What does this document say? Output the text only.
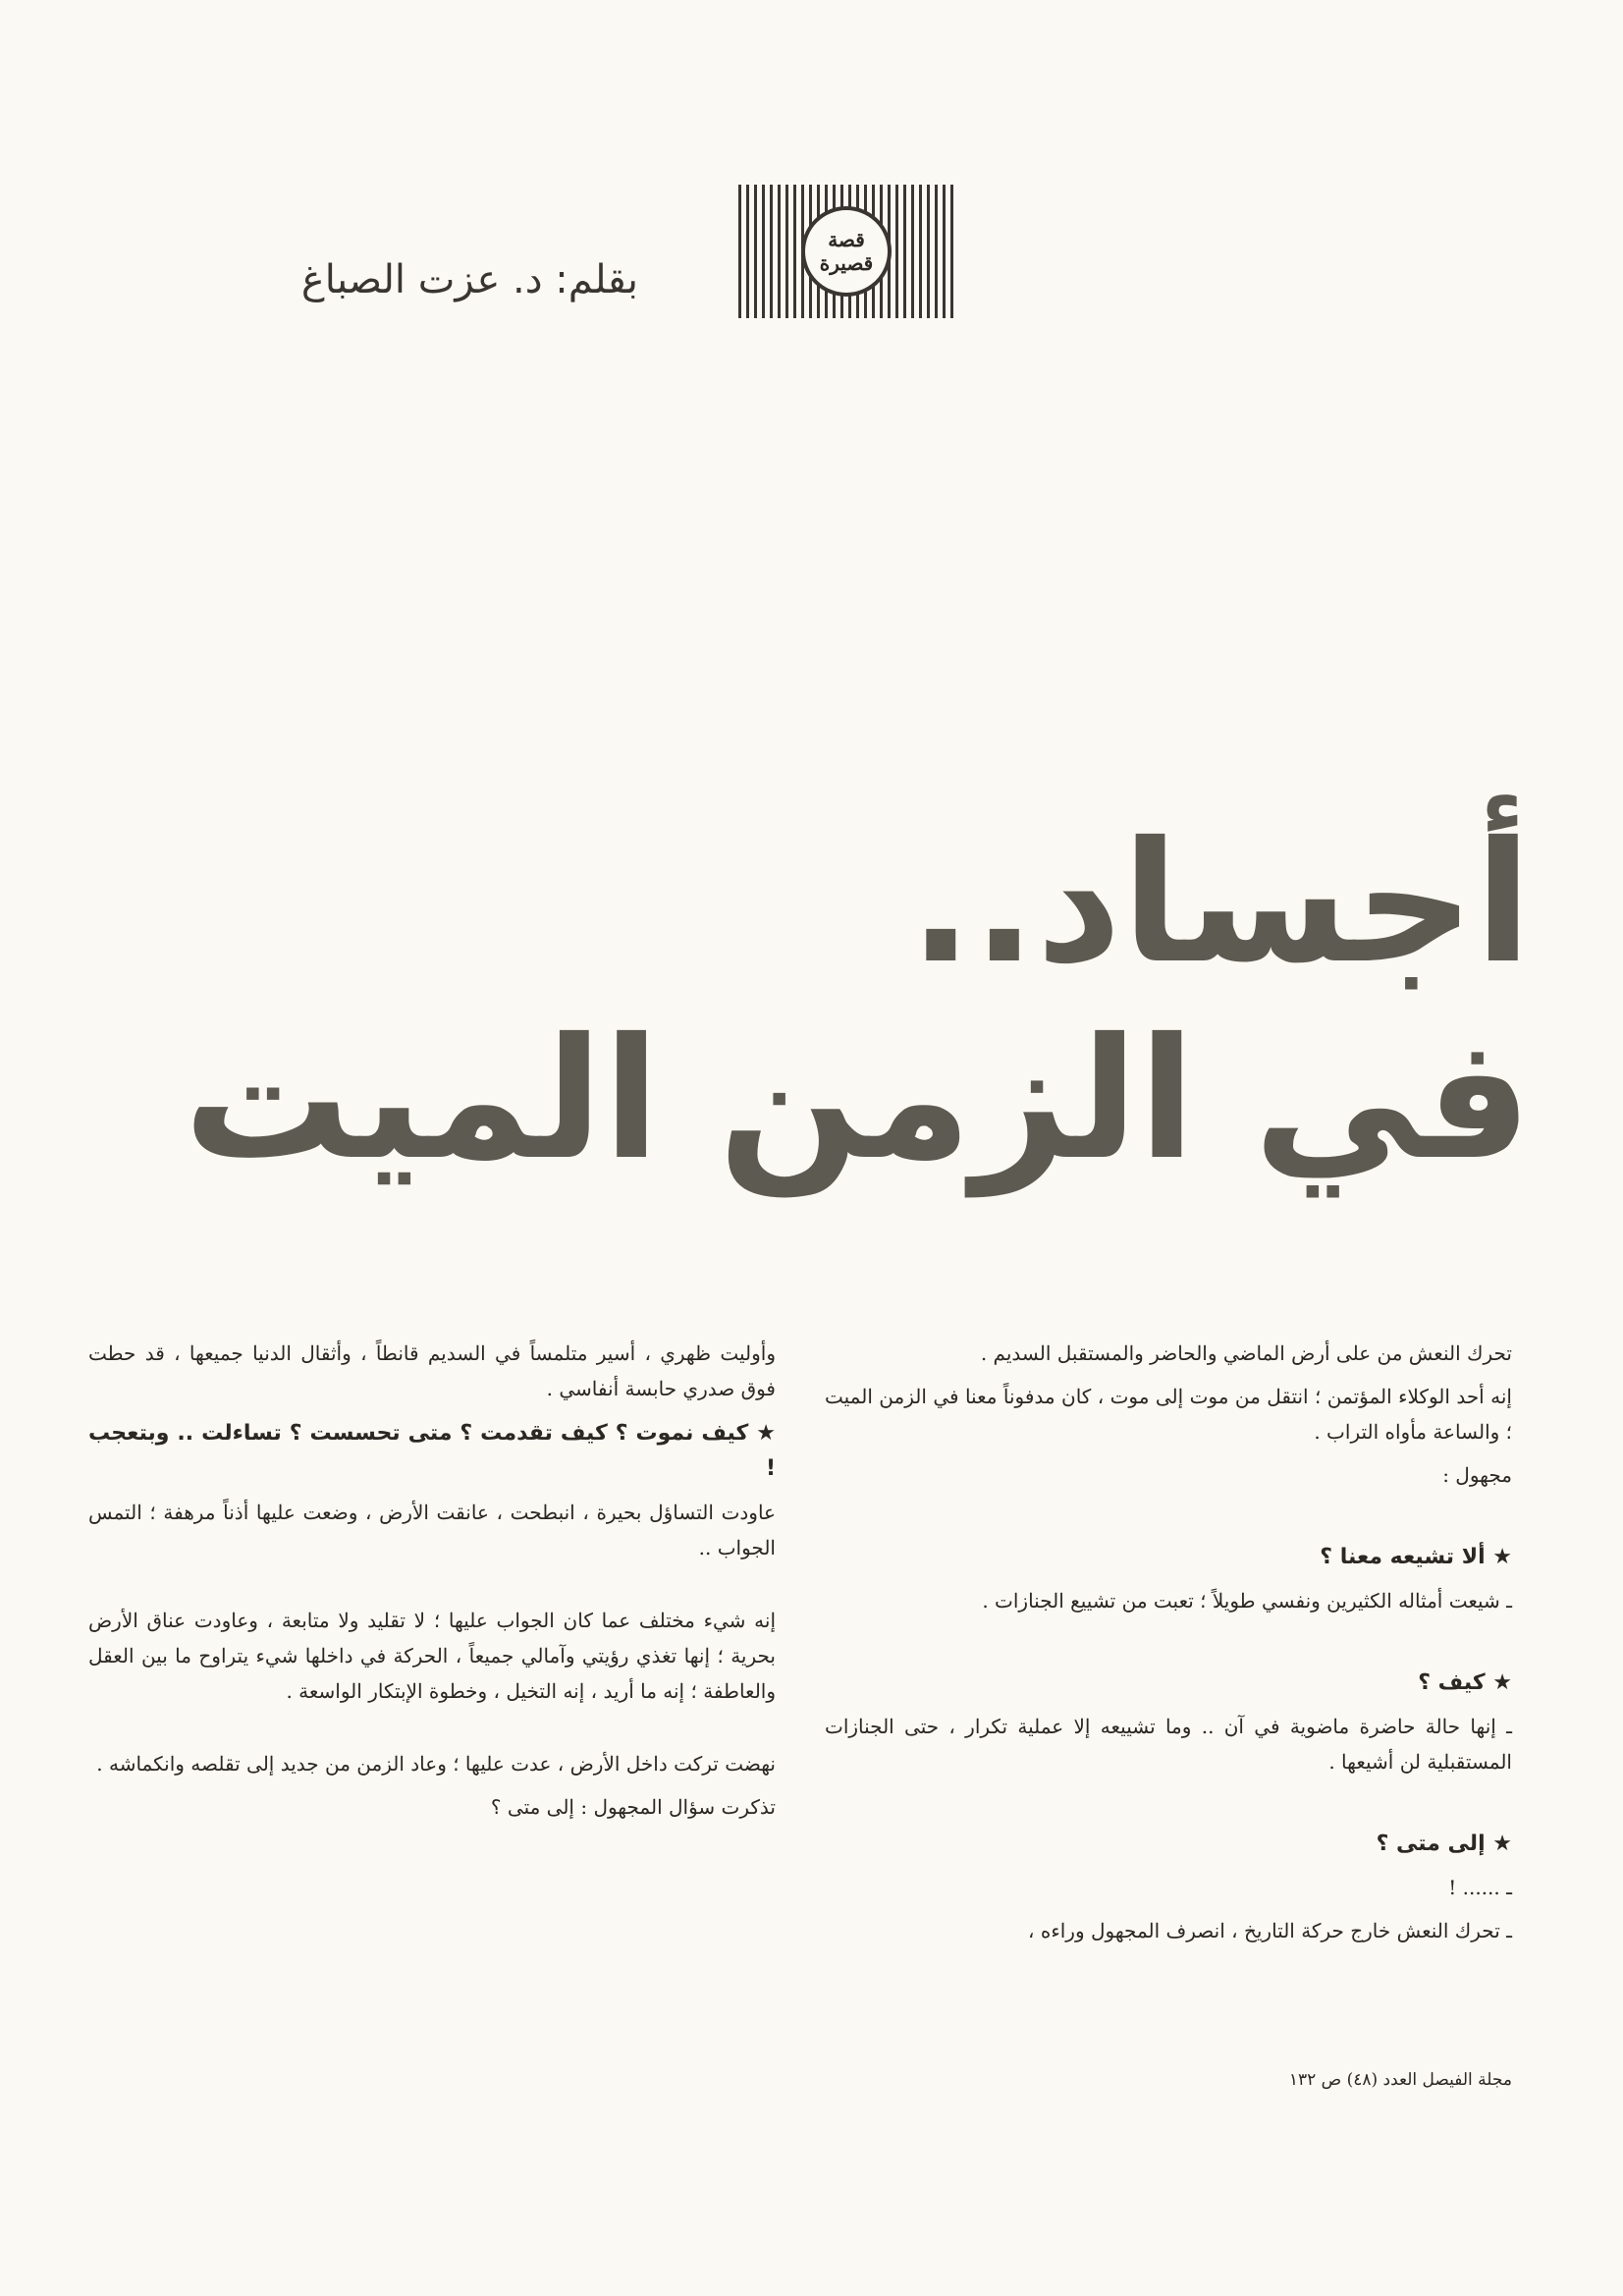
قصة
قصيرة
بقلم: د. عزت الصباغ
أجساد..
في الزمن الميت

تحرك النعش من على أرض الماضي والحاضر والمستقبل السديم .

إنه أحد الوكلاء المؤتمن ؛ انتقل من موت إلى موت ، كان مدفوناً معنا في الزمن الميت ؛ والساعة مأواه التراب .

مجهول :

★ ألا تشيعه معنا ؟

ـ شيعت أمثاله الكثيرين ونفسي طويلاً ؛ تعبت من تشييع الجنازات .

★ كيف ؟

ـ إنها حالة حاضرة ماضوية في آن .. وما تشييعه إلا عملية تكرار ، حتى الجنازات المستقبلية لن أشيعها .

★ إلى متى ؟

ـ ...... !

ـ تحرك النعش خارج حركة التاريخ ، انصرف المجهول وراءه ،

وأوليت ظهري ، أسير متلمساً في السديم قانطاً ، وأثقال الدنيا جميعها ، قد حطت فوق صدري حابسة أنفاسي .

★ كيف نموت ؟ كيف تقدمت ؟ متى تحسست ؟ تساءلت .. وبتعجب !

عاودت التساؤل بحيرة ، انبطحت ، عانقت الأرض ، وضعت عليها أذناً مرهفة ؛ التمس الجواب ..

إنه شيء مختلف عما كان الجواب عليها ؛ لا تقليد ولا متابعة ، وعاودت عناق الأرض بحرية ؛ إنها تغذي رؤيتي وآمالي جميعاً ، الحركة في داخلها شيء يتراوح ما بين العقل والعاطفة ؛ إنه ما أريد ، إنه التخيل ، وخطوة الإبتكار الواسعة .

نهضت تركت داخل الأرض ، عدت عليها ؛ وعاد الزمن من جديد إلى تقلصه وانكماشه .

تذكرت سؤال المجهول : إلى متى ؟

مجلة الفيصل العدد (٤٨) ص ١٣٢
